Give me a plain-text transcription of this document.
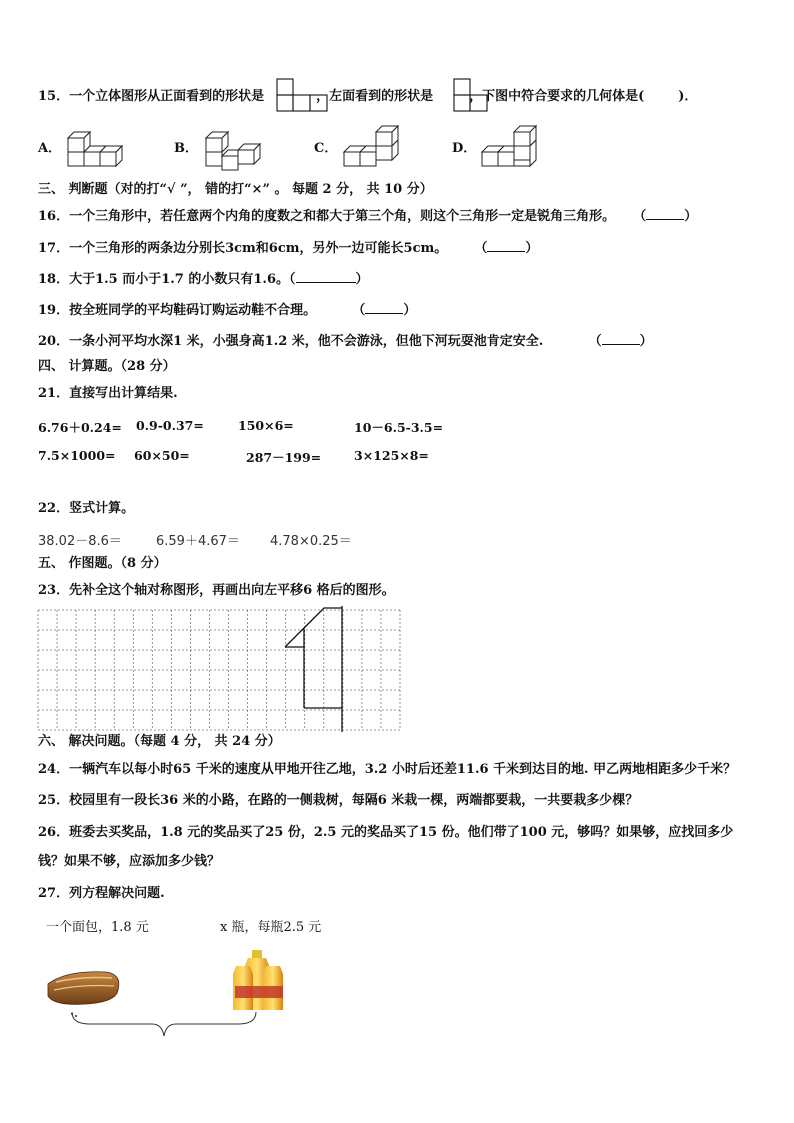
15．一个立体图形从正面看到的形状是	，左面看到的形状是	，下图中符合要求的几何体是(	)．
A．	B．	C．	D．
三、 判断题（对的打“√ ”， 错的打“×” 。 每题 2 分， 共 10 分）
16．一个三角形中，若任意两个内角的度数之和都大于第三个角，则这个三角形一定是锐角三角形。    （	）
17．一个三角形的两条边分别长3cm和6cm，另外一边可能长5cm。      （	）
18．大于1.5 而小于1.7 的小数只有1.6。（	）
19．按全班同学的平均鞋码订购运动鞋不合理。        （	）
20．一条小河平均水深1 米，小强身高1.2 米，他不会游泳，但他下河玩耍池肯定安全.          （	）
四、 计算题。（28 分）
21．直接写出计算结果.
6.76＋0.24= 0.9-0.37=	150×6=	10－6.5-3.5=
7.5×1000= 60×50=	287－199=	3×125×8=
22．竖式计算。
38.02－8.6＝	6.59＋4.67＝ 4.78×0.25＝
五、 作图题。（8 分）
23．先补全这个轴对称图形，再画出向左平移6 格后的图形。
六、 解决问题。（每题 4 分， 共 24 分）
24．一辆汽车以每小时65 千米的速度从甲地开往乙地，3.2 小时后还差11.6 千米到达目的地. 甲乙两地相距多少千米？
25．校园里有一段长36 米的小路，在路的一侧栽树，每隔6 米栽一棵，两端都要栽，一共要栽多少棵？
26．班委去买奖品，1.8 元的奖品买了25 份，2.5 元的奖品买了15 份。他们带了100 元，够吗？如果够，应找回多少
钱？如果不够，应添加多少钱？
27．列方程解决问题.
一个面包，1.8 元	x 瓶，每瓶2.5 元
